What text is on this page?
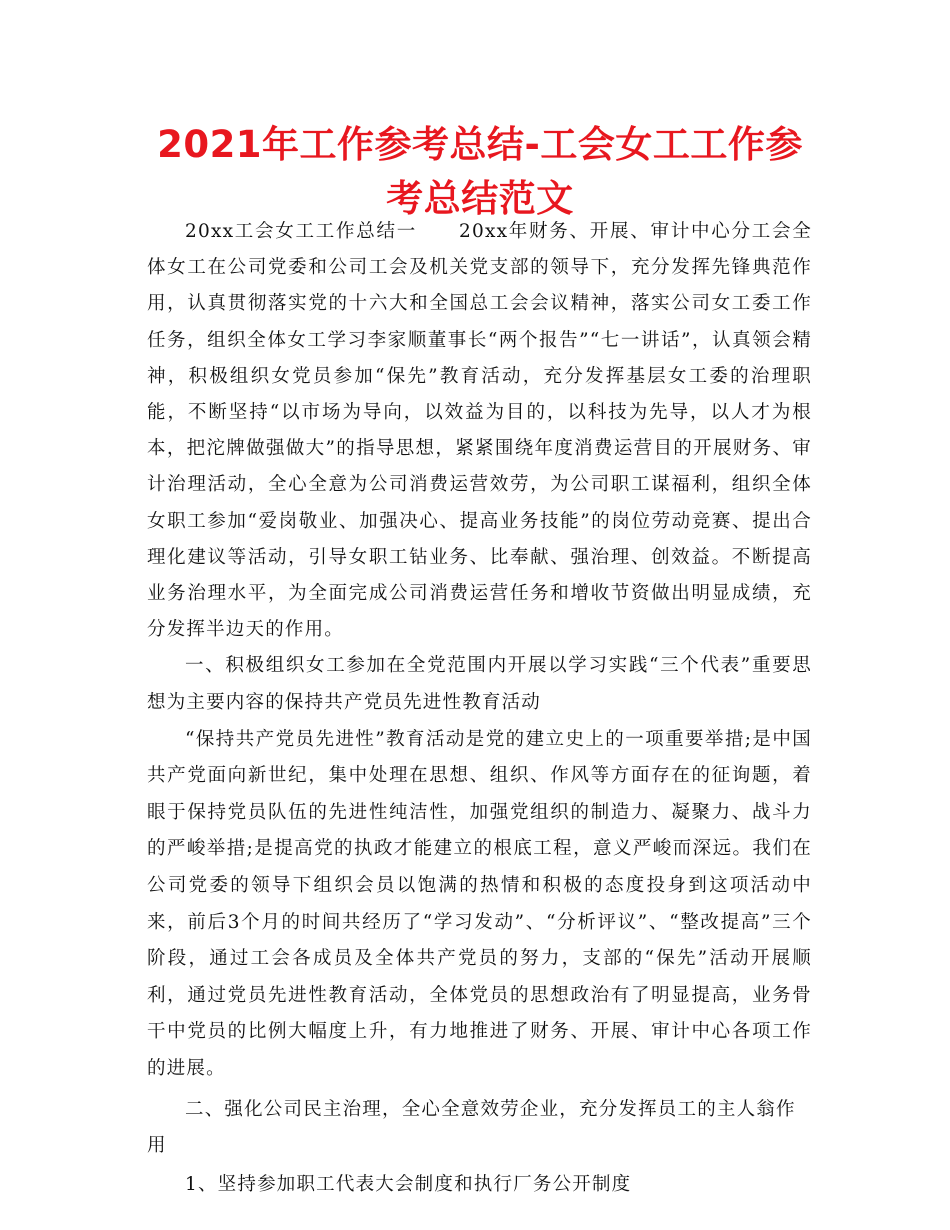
2021年工作参考总结-工会女工工作参考总结范文

20xx工会女工工作总结一 20xx年财务、开展、审计中心分工会全体女工在公司党委和公司工会及机关党支部的领导下，充分发挥先锋典范作用，认真贯彻落实党的十六大和全国总工会会议精神，落实公司女工委工作任务，组织全体女工学习李家顺董事长“两个报告”“七一讲话”，认真领会精神，积极组织女党员参加“保先”教育活动，充分发挥基层女工委的治理职能，不断坚持“以市场为导向，以效益为目的，以科技为先导，以人才为根本，把沱牌做强做大”的指导思想，紧紧围绕年度消费运营目的开展财务、审计治理活动，全心全意为公司消费运营效劳，为公司职工谋福利，组织全体女职工参加“爱岗敬业、加强决心、提高业务技能”的岗位劳动竞赛、提出合理化建议等活动，引导女职工钻业务、比奉献、强治理、创效益。不断提高业务治理水平，为全面完成公司消费运营任务和增收节资做出明显成绩，充分发挥半边天的作用。

一、积极组织女工参加在全党范围内开展以学习实践“三个代表”重要思想为主要内容的保持共产党员先进性教育活动

“保持共产党员先进性”教育活动是党的建立史上的一项重要举措;是中国共产党面向新世纪，集中处理在思想、组织、作风等方面存在的征询题，着眼于保持党员队伍的先进性纯洁性，加强党组织的制造力、凝聚力、战斗力的严峻举措;是提高党的执政才能建立的根底工程，意义严峻而深远。我们在公司党委的领导下组织会员以饱满的热情和积极的态度投身到这项活动中来，前后3个月的时间共经历了“学习发动”、“分析评议”、“整改提高”三个阶段，通过工会各成员及全体共产党员的努力，支部的“保先”活动开展顺利，通过党员先进性教育活动，全体党员的思想政治有了明显提高，业务骨干中党员的比例大幅度上升，有力地推进了财务、开展、审计中心各项工作的进展。

二、强化公司民主治理，全心全意效劳企业，充分发挥员工的主人翁作用

1、坚持参加职工代表大会制度和执行厂务公开制度
